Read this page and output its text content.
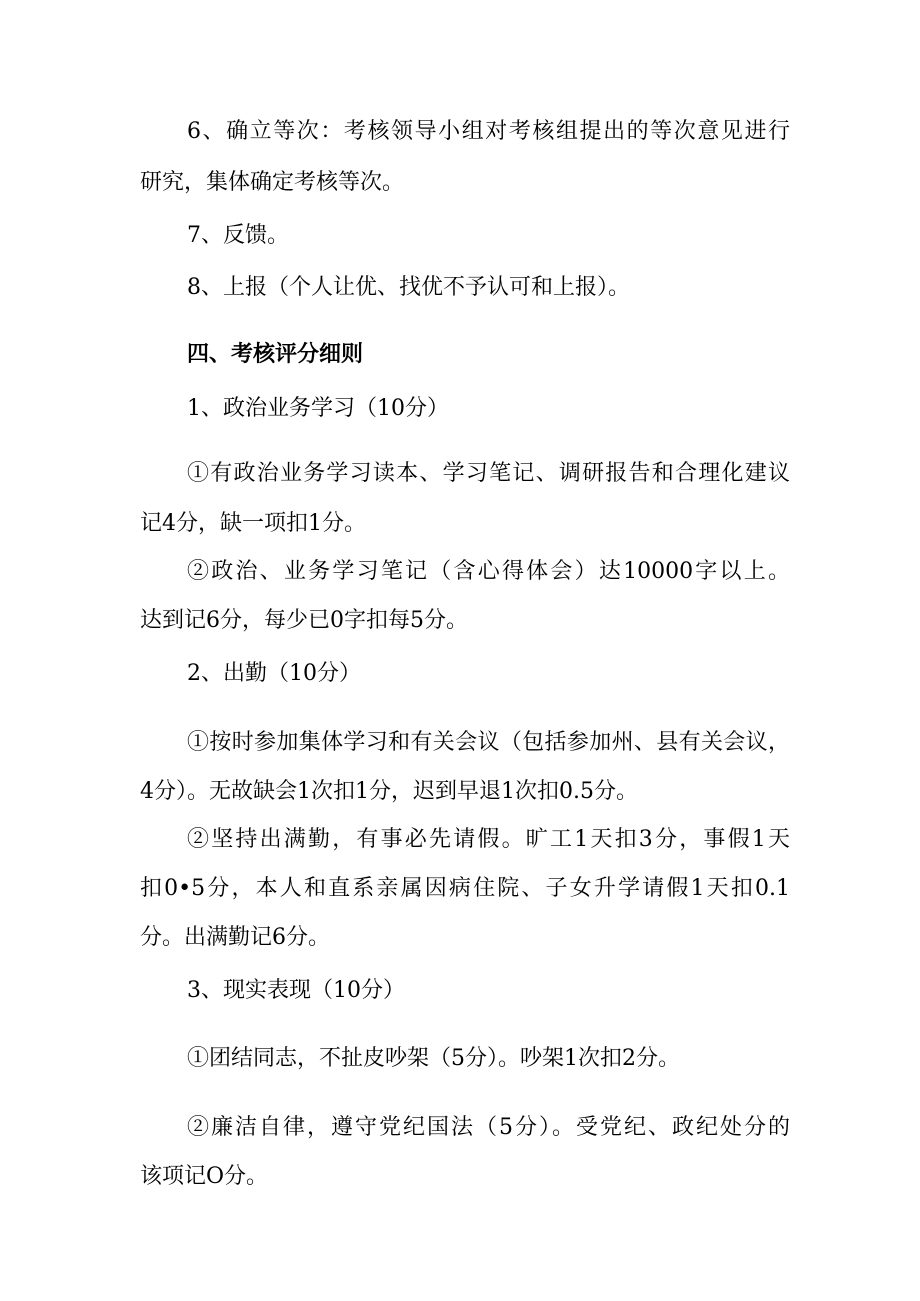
6、确立等次：考核领导小组对考核组提出的等次意见进行
研究，集体确定考核等次。
7、反馈。
8、上报（个人让优、找优不予认可和上报）。
四、考核评分细则
1、政治业务学习（10分）
①有政治业务学习读本、学习笔记、调研报告和合理化建议
记4分，缺一项扣1分。
②政治、业务学习笔记（含心得体会）达10000字以上。
达到记6分，每少已0字扣每5分。
2、出勤（10分）
①按时参加集体学习和有关会议（包括参加州、县有关会议，
4分）。无故缺会1次扣1分，迟到早退1次扣0.5分。
②坚持出满勤，有事必先请假。旷工1天扣3分，事假1天
扣0•5分，本人和直系亲属因病住院、子女升学请假1天扣0.1
分。出满勤记6分。
3、现实表现（10分）
①团结同志，不扯皮吵架（5分）。吵架1次扣2分。
②廉洁自律，遵守党纪国法（5分）。受党纪、政纪处分的
该项记O分。
